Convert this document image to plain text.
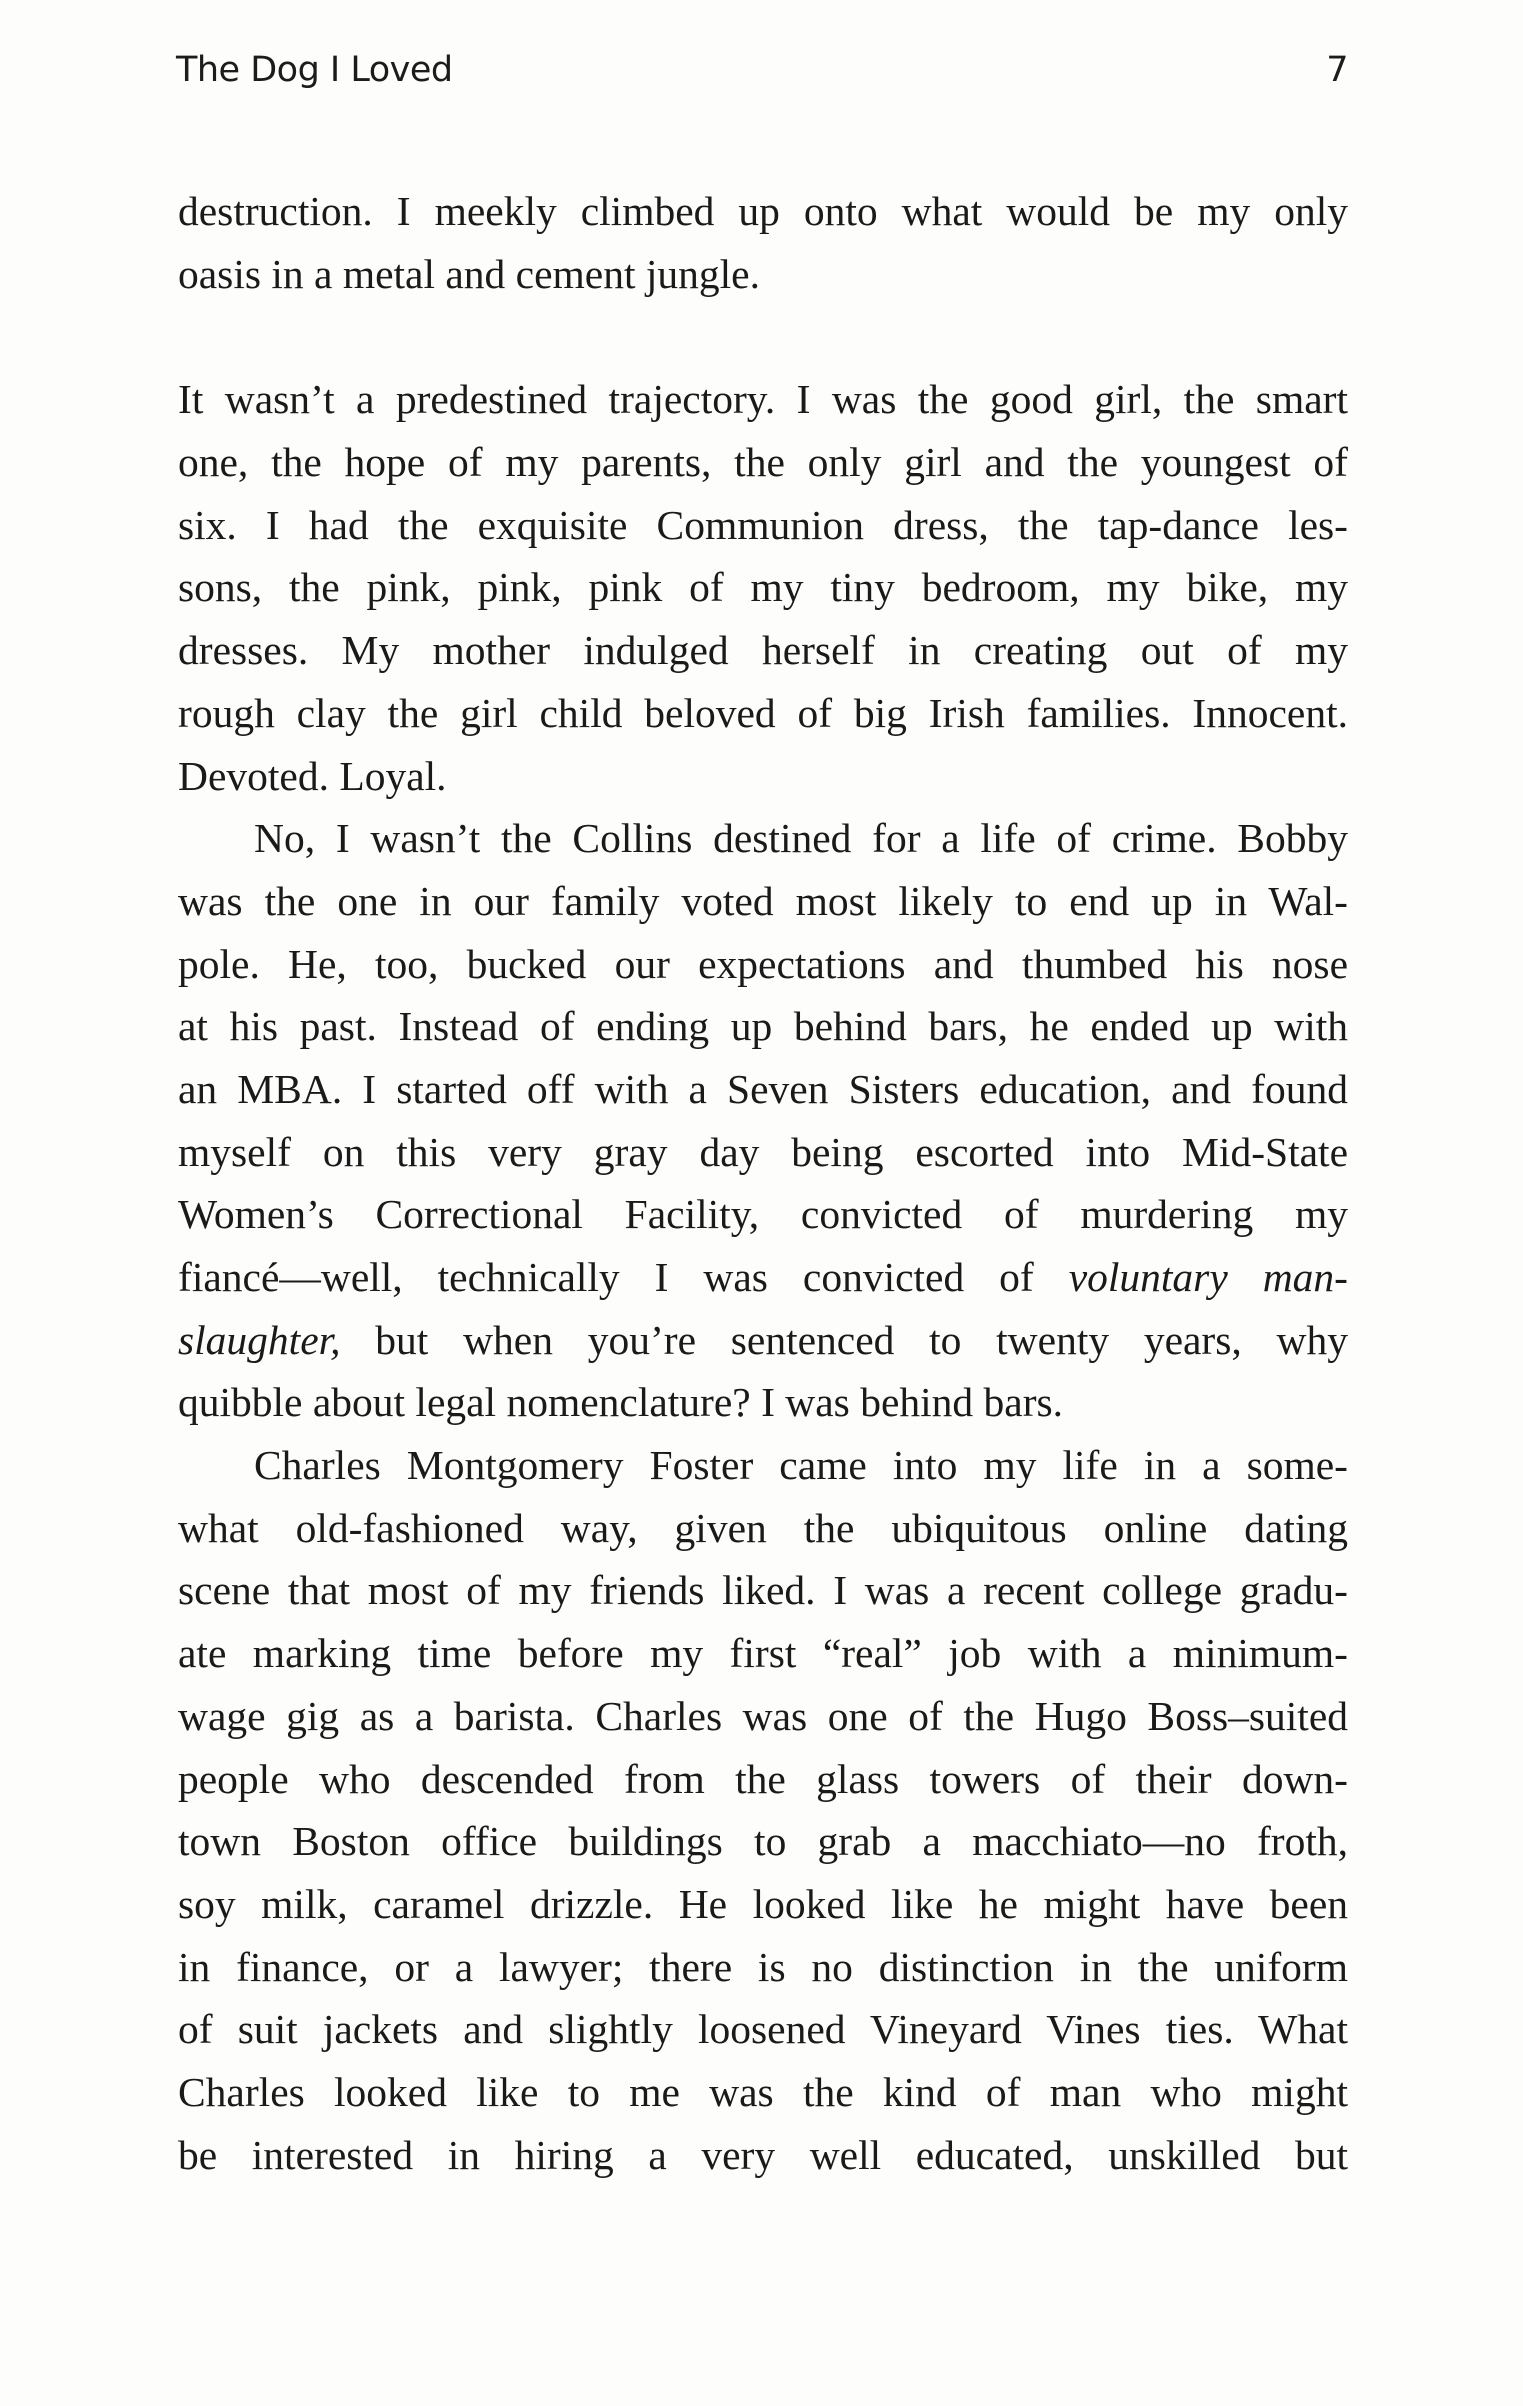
The Dog I Loved	7
destruction. I meekly climbed up onto what would be my only
oasis in a metal and cement jungle.
It wasn’t a predestined trajectory. I was the good girl, the smart
one, the hope of my parents, the only girl and the youngest of
six. I had the exquisite Communion dress, the tap-dance les-
sons, the pink, pink, pink of my tiny bedroom, my bike, my
dresses. My mother indulged herself in creating out of my
rough clay the girl child beloved of big Irish families. Innocent.
Devoted. Loyal.
No, I wasn’t the Collins destined for a life of crime. Bobby
was the one in our family voted most likely to end up in Wal-
pole. He, too, bucked our expectations and thumbed his nose
at his past. Instead of ending up behind bars, he ended up with
an MBA. I started off with a Seven Sisters education, and found
myself on this very gray day being escorted into Mid-State
Women’s Correctional Facility, convicted of murdering my
fiancé—well, technically I was convicted of voluntary man-
slaughter, but when you’re sentenced to twenty years, why
quibble about legal nomenclature? I was behind bars.
Charles Montgomery Foster came into my life in a some-
what old-fashioned way, given the ubiquitous online dating
scene that most of my friends liked. I was a recent college gradu-
ate marking time before my first “real” job with a minimum-
wage gig as a barista. Charles was one of the Hugo Boss–suited
people who descended from the glass towers of their down-
town Boston office buildings to grab a macchiato—no froth,
soy milk, caramel drizzle. He looked like he might have been
in finance, or a lawyer; there is no distinction in the uniform
of suit jackets and slightly loosened Vineyard Vines ties. What
Charles looked like to me was the kind of man who might
be interested in hiring a very well educated, unskilled but
